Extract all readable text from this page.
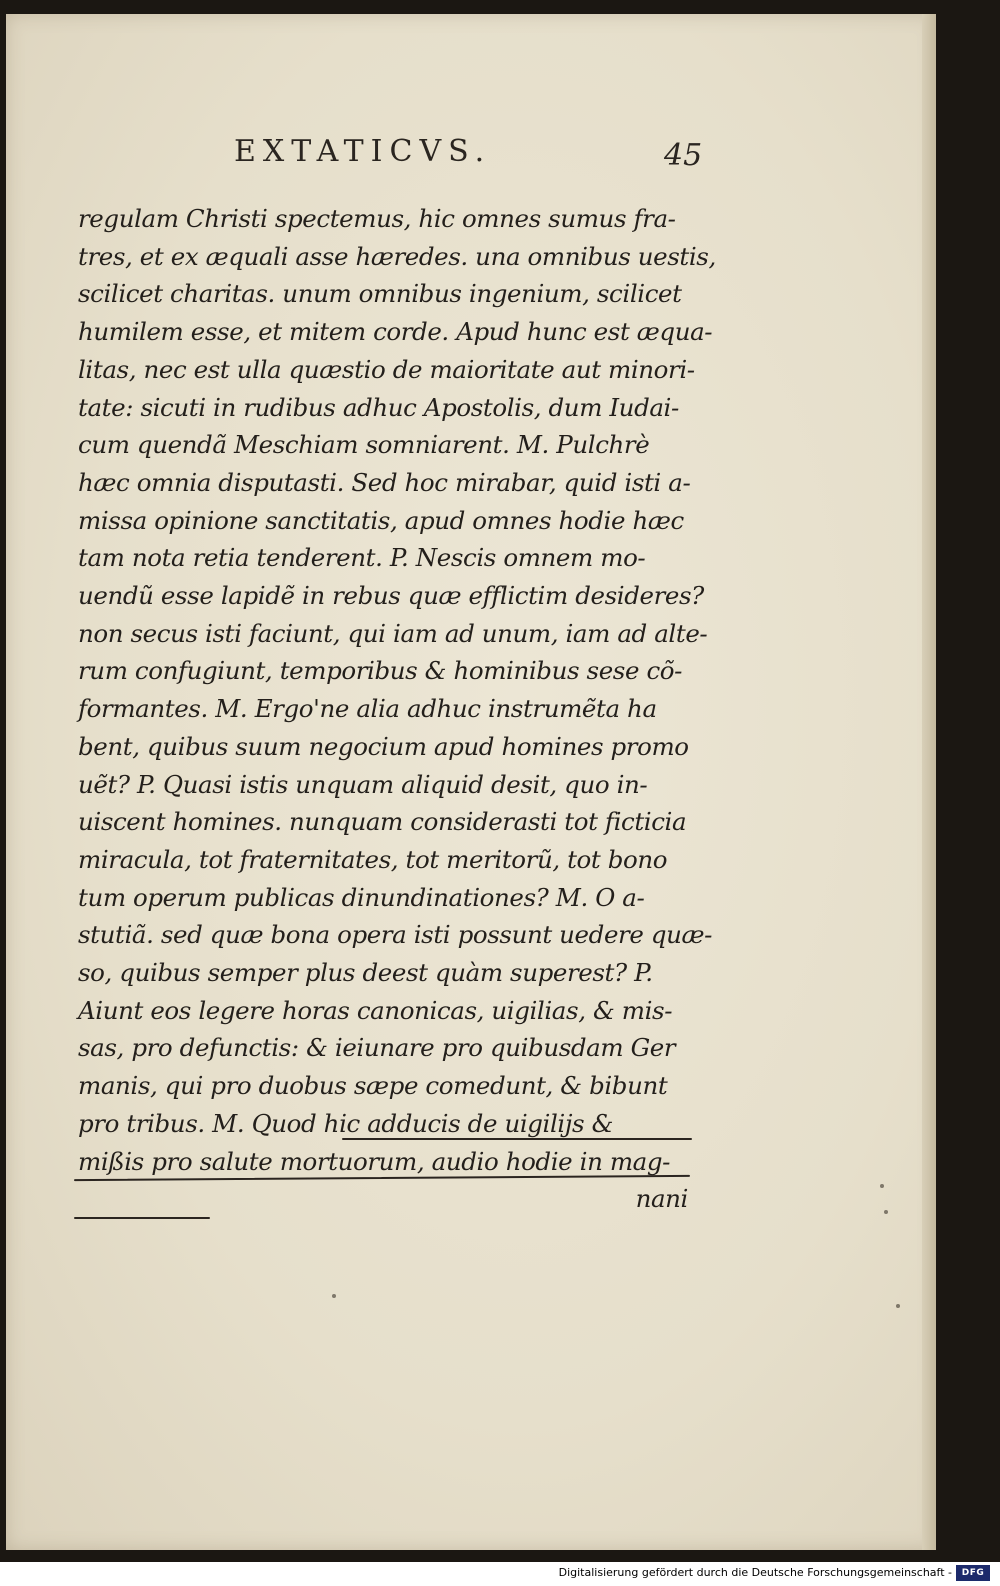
EXTATICVS.	45
regulam Christi spectemus, hic omnes sumus fra-
tres, et ex æquali asse hæredes. una omnibus uestis,
scilicet charitas. unum omnibus ingenium, scilicet
humilem esse, et mitem corde. Apud hunc est æqua-
litas, nec est ulla quæstio de maioritate aut minori-
tate: sicuti in rudibus adhuc Apostolis, dum Iudai-
cum quendã Meschiam somniarent. M. Pulchrè
hæc omnia disputasti. Sed hoc mirabar, quid isti a-
missa opinione sanctitatis, apud omnes hodie hæc
tam nota retia tenderent. P. Nescis omnem mo-
uendũ esse lapidẽ in rebus quæ efflictim desideres?
non secus isti faciunt, qui iam ad unum, iam ad alte-
rum confugiunt, temporibus & hominibus sese cõ-
formantes. M. Ergo'ne alia adhuc instrumẽta ha
bent, quibus suum negocium apud homines promo
uẽt? P. Quasi istis unquam aliquid desit, quo in-
uiscent homines. nunquam considerasti tot ficticia
miracula, tot fraternitates, tot meritorũ, tot bono
tum operum publicas dinundinationes? M. O a-
stutiã. sed quæ bona opera isti possunt uedere quæ-
so, quibus semper plus deest quàm superest? P.
Aiunt eos legere horas canonicas, uigilias, & mis-
sas, pro defunctis: & ieiunare pro quibusdam Ger
manis, qui pro duobus sæpe comedunt, & bibunt
pro tribus. M. Quod hic adducis de uigilijs &
mißis pro salute mortuorum, audio hodie in mag-
nani
Digitalisierung gefördert durch die Deutsche Forschungsgemeinschaft -	DFG
